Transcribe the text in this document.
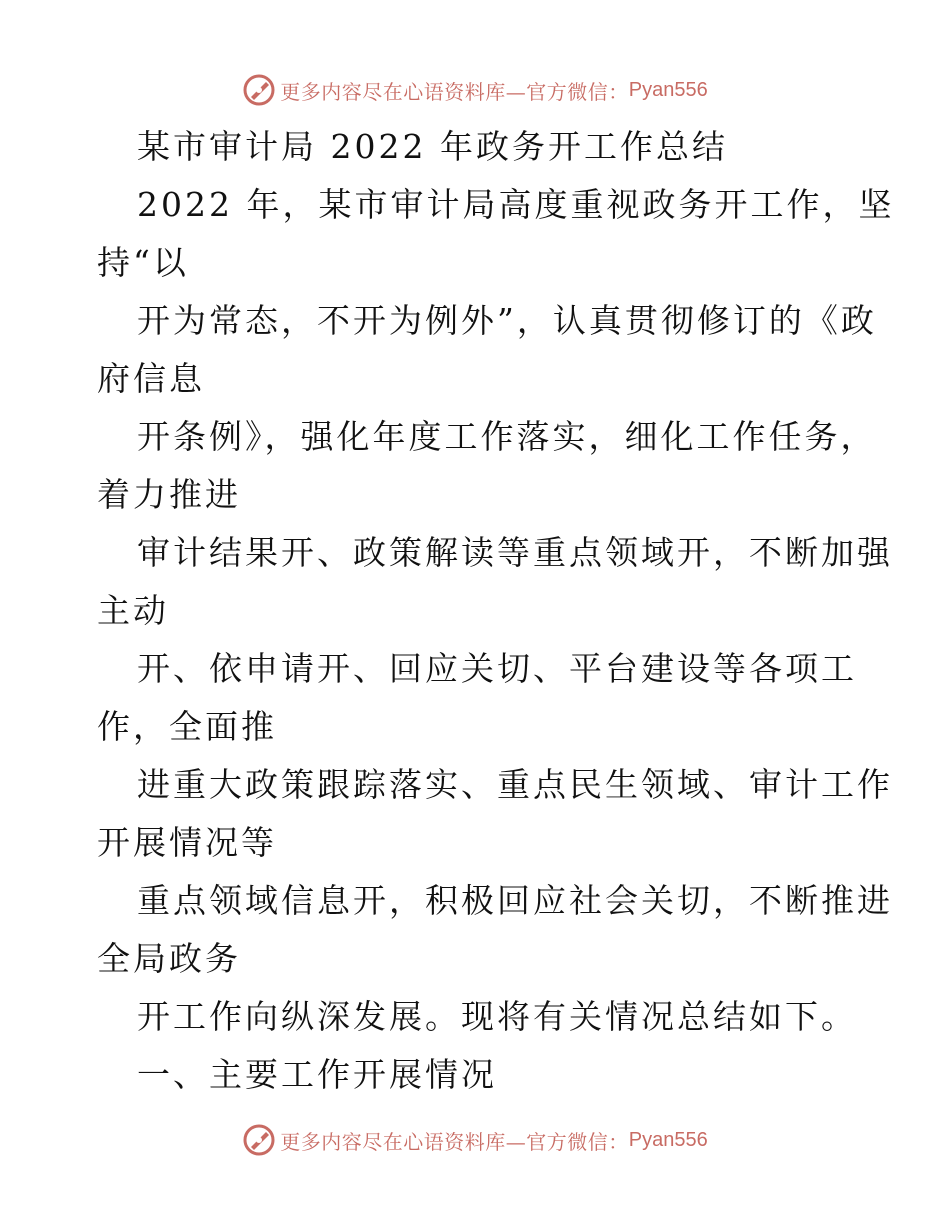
更多内容尽在心语资料库—官方微信： Pyan556
某市审计局 2022 年政务开工作总结
2022 年，某市审计局高度重视政务开工作，坚
持“以
开为常态，不开为例外”，认真贯彻修订的《政
府信息
开条例》，强化年度工作落实，细化工作任务，
着力推进
审计结果开、政策解读等重点领域开，不断加强
主动
开、依申请开、回应关切、平台建设等各项工
作，全面推
进重大政策跟踪落实、重点民生领域、审计工作
开展情况等
重点领域信息开，积极回应社会关切，不断推进
全局政务
开工作向纵深发展。现将有关情况总结如下。
一、主要工作开展情况
更多内容尽在心语资料库—官方微信： Pyan556
